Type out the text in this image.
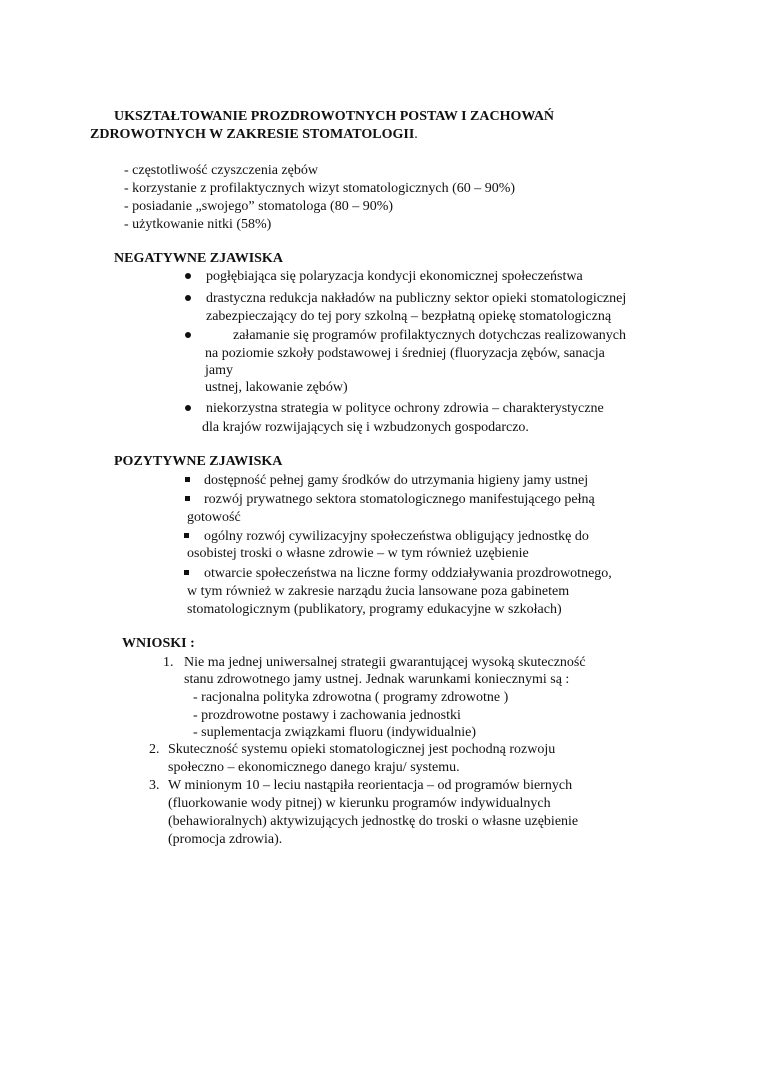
UKSZTAŁTOWANIE PROZDROWOTNYCH POSTAW I ZACHOWAŃ
ZDROWOTNYCH W ZAKRESIE STOMATOLOGII.
- częstotliwość czyszczenia zębów
- korzystanie z profilaktycznych wizyt stomatologicznych (60 – 90%)
- posiadanie „swojego” stomatologa (80 – 90%)
- użytkowanie nitki (58%)
NEGATYWNE ZJAWISKA
pogłębiająca się polaryzacja kondycji ekonomicznej społeczeństwa
drastyczna redukcja nakładów na publiczny sektor opieki stomatologicznej
zabezpieczający do tej pory szkolną – bezpłatną opiekę stomatologiczną
załamanie się programów profilaktycznych dotychczas realizowanych
na poziomie szkoły podstawowej i średniej (fluoryzacja zębów, sanacja
jamy
ustnej, lakowanie zębów)
niekorzystna strategia w polityce ochrony zdrowia – charakterystyczne
dla krajów rozwijających się i wzbudzonych gospodarczo.
POZYTYWNE ZJAWISKA
dostępność pełnej gamy środków do utrzymania higieny jamy ustnej
rozwój prywatnego sektora stomatologicznego manifestującego pełną
gotowość
ogólny rozwój cywilizacyjny społeczeństwa obligujący jednostkę do
osobistej troski o własne zdrowie – w tym również uzębienie
otwarcie społeczeństwa na liczne formy oddziaływania prozdrowotnego,
w tym również w zakresie narządu żucia lansowane poza gabinetem
stomatologicznym (publikatory, programy edukacyjne w szkołach)
WNIOSKI :
1. Nie ma jednej uniwersalnej strategii gwarantującej wysoką skuteczność
stanu zdrowotnego jamy ustnej. Jednak warunkami koniecznymi są :
- racjonalna polityka zdrowotna ( programy zdrowotne )
- prozdrowotne postawy i zachowania jednostki
- suplementacja związkami fluoru (indywidualnie)
2. Skuteczność systemu opieki stomatologicznej jest pochodną rozwoju
społeczno – ekonomicznego danego kraju/ systemu.
3. W minionym 10 – leciu nastąpiła reorientacja – od programów biernych
(fluorkowanie wody pitnej) w kierunku programów indywidualnych
(behawioralnych) aktywizujących jednostkę do troski o własne uzębienie
(promocja zdrowia).
